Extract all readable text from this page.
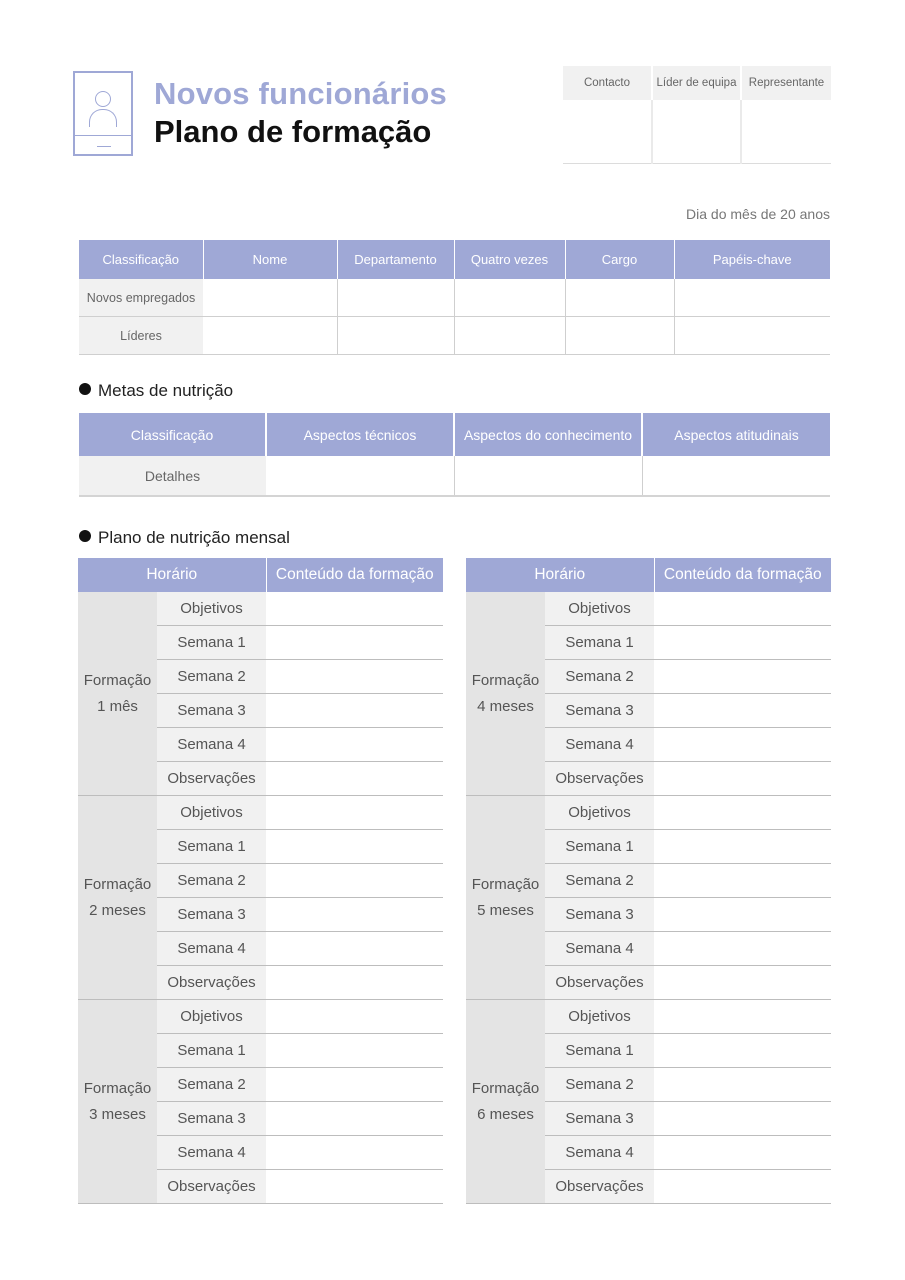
Novos funcionários
Plano de formação
Contacto	Líder de equipa	Representante

Dia do mês de 20 anos
Classificação	Nome	Departamento	Quatro vezes	Cargo	Papéis-chave
Novos empregados					
Líderes					
Metas de nutrição
Classificação	Aspectos técnicos	Aspectos do conhecimento	Aspectos atitudinais
Detalhes			
Plano de nutrição mensal
Horário		Conteúdo da formação
Formação
1 mês	Objetivos	
	Semana 1	
	Semana 2	
	Semana 3	
	Semana 4	
	Observações	
Formação
2 meses	Objetivos	
	Semana 1	
	Semana 2	
	Semana 3	
	Semana 4	
	Observações	
Formação
3 meses	Objetivos	
	Semana 1	
	Semana 2	
	Semana 3	
	Semana 4	
	Observações	
Horário		Conteúdo da formação
Formação
4 meses	Objetivos	
	Semana 1	
	Semana 2	
	Semana 3	
	Semana 4	
	Observações	
Formação
5 meses	Objetivos	
	Semana 1	
	Semana 2	
	Semana 3	
	Semana 4	
	Observações	
Formação
6 meses	Objetivos	
	Semana 1	
	Semana 2	
	Semana 3	
	Semana 4	
	Observações	
